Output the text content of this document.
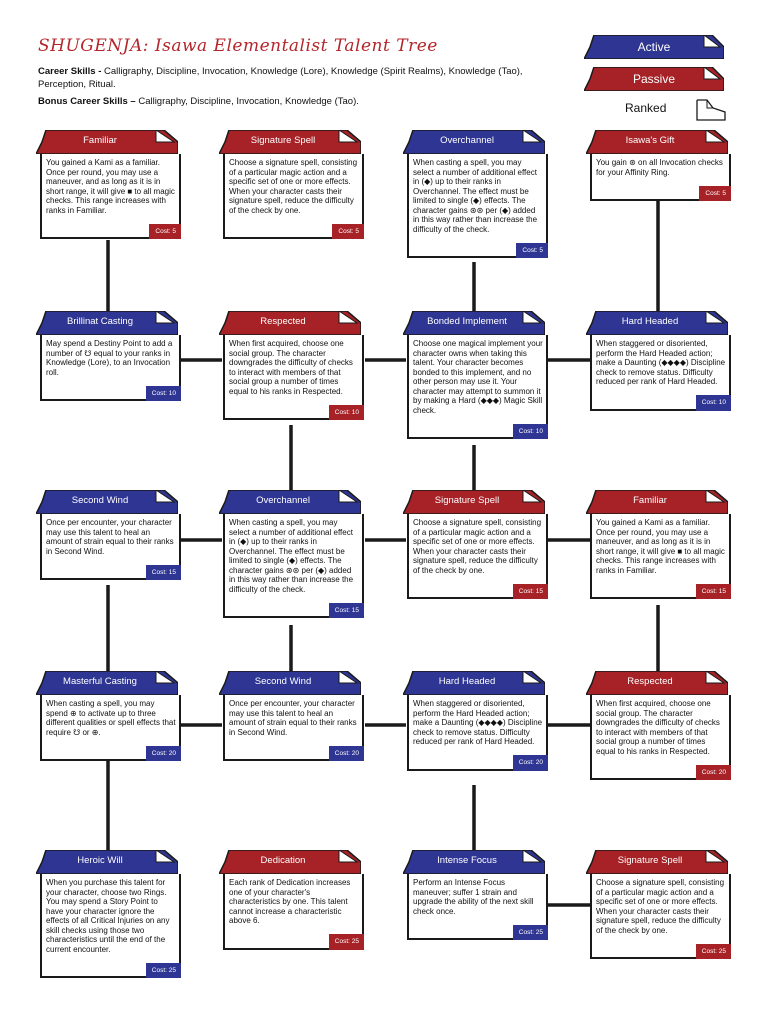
SHUGENJA: Isawa Elementalist Talent Tree

Career Skills - Calligraphy, Discipline, Invocation, Knowledge (Lore), Knowledge (Spirit Realms), Knowledge (Tao), Perception, Ritual.

Bonus Career Skills – Calligraphy, Discipline, Invocation, Knowledge (Tao).

Active
Passive
Ranked
Familiar
You gained a Kami as a familiar. Once per round, you may use a maneuver, and as long as it is in short range, it will give ■ to all magic checks. This range increases with ranks in Familiar.
Cost: 5
Signature Spell
Choose a signature spell, consisting of a particular magic action and a specific set of one or more effects. When your character casts their signature spell, reduce the difficulty of the check by one.
Cost: 5
Overchannel
When casting a spell, you may select a number of additional effect in (◆) up to their ranks in Overchannel. The effect must be limited to single (◆) effects. The character gains ⊛⊛ per (◆) added in this way rather than increase the difficulty of the check.
Cost: 5
Isawa's Gift
You gain ⊛ on all Invocation checks for your Affinity Ring.
Cost: 5
Brillinat Casting
May spend a Destiny Point to add a number of ☋ equal to your ranks in Knowledge (Lore), to an Invocation roll.
Cost: 10
Respected
When first acquired, choose one social group. The character downgrades the difficulty of checks to interact with members of that social group a number of times equal to his ranks in Respected.
Cost: 10
Bonded Implement
Choose one magical implement your character owns when taking this talent. Your character becomes bonded to this implement, and no other person may use it. Your character may attempt to summon it by making a Hard (◆◆◆) Magic Skill check.
Cost: 10
Hard Headed
When staggered or disoriented, perform the Hard Headed action; make a Daunting (◆◆◆◆) Discipline check to remove status. Difficulty reduced per rank of Hard Headed.
Cost: 10
Second Wind
Once per encounter, your character may use this talent to heal an amount of strain equal to their ranks in Second Wind.
Cost: 15
Overchannel
When casting a spell, you may select a number of additional effect in (◆) up to their ranks in Overchannel. The effect must be limited to single (◆) effects. The character gains ⊛⊛ per (◆) added in this way rather than increase the difficulty of the check.
Cost: 15
Signature Spell
Choose a signature spell, consisting of a particular magic action and a specific set of one or more effects. When your character casts their signature spell, reduce the difficulty of the check by one.
Cost: 15
Familiar
You gained a Kami as a familiar. Once per round, you may use a maneuver, and as long as it is in short range, it will give ■ to all magic checks. This range increases with ranks in Familiar.
Cost: 15
Masterful Casting
When casting a spell, you may spend ⊕ to activate up to three different qualities or spell effects that require ☋ or ⊕.
Cost: 20
Second Wind
Once per encounter, your character may use this talent to heal an amount of strain equal to their ranks in Second Wind.
Cost: 20
Hard Headed
When staggered or disoriented, perform the Hard Headed action; make a Daunting (◆◆◆◆) Discipline check to remove status. Difficulty reduced per rank of Hard Headed.
Cost: 20
Respected
When first acquired, choose one social group. The character downgrades the difficulty of checks to interact with members of that social group a number of times equal to his ranks in Respected.
Cost: 20
Heroic Will
When you purchase this talent for your character, choose two Rings. You may spend a Story Point to have your character ignore the effects of all Critical Injuries on any skill checks using those two characteristics until the end of the current encounter.
Cost: 25
Dedication
Each rank of Dedication increases one of your character's characteristics by one. This talent cannot increase a characteristic above 6.
Cost: 25
Intense Focus
Perform an Intense Focus maneuver; suffer 1 strain and upgrade the ability of the next skill check once.
Cost: 25
Signature Spell
Choose a signature spell, consisting of a particular magic action and a specific set of one or more effects. When your character casts their signature spell, reduce the difficulty of the check by one.
Cost: 25
